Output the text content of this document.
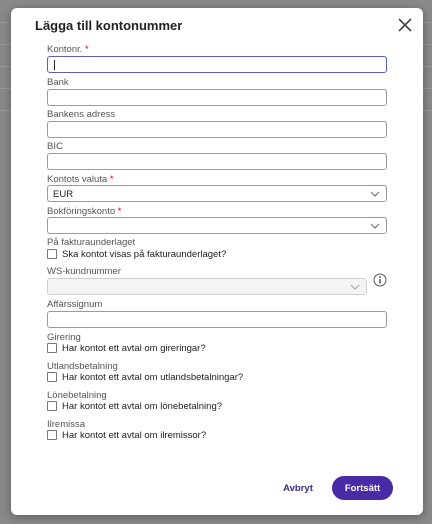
Lägga till kontonummer
Kontonr. *
Bank
Bankens adress
BIC
Kontots valuta *
EUR
Bokföringskonto *
På fakturaunderlaget
Ska kontot visas på fakturaunderlaget?
WS-kundnummer
Affärssignum
Girering
Har kontot ett avtal om gireringar?
Utlandsbetalning
Har kontot ett avtal om utlandsbetalningar?
Lönebetalning
Har kontot ett avtal om lönebetalning?
Ilremissa
Har kontot ett avtal om ilremissor?
Avbryt	Fortsätt
